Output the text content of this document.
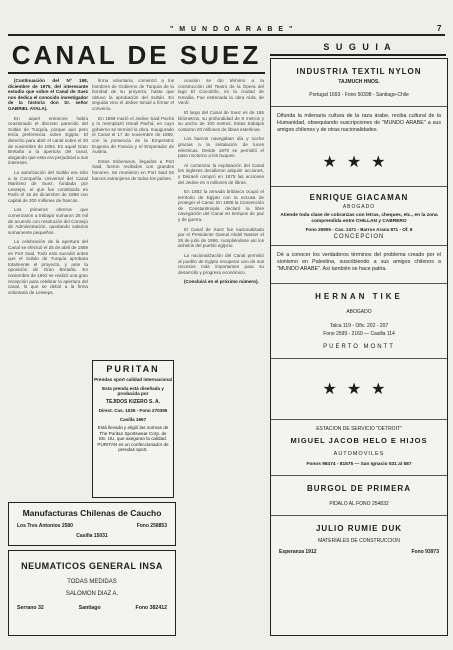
" M U N D O A R A B E "	7
CANAL DE SUEZ

(Continuación del Nº 198, diciembre de 1970, del interesante estudio que sobre el Canal de Suez nos dedica el conocido investigador de la historia don Sr. señor GABRIEL AYALA).

En aquel entonces había ocasionado el discreto parecido del Sultán de Turquía, porque aun pero tenía preferencia sobre Egipto. El derecho para abrir el canal sobre el 30 de noviembre de 1854. En aquel Gran Bretaña a la apertura del canal, alegando que esta era perjudicial a sus intereses.

La autorización del Sultán era sólo a la Compañía Universal del Canal Marítimo de Suez, fundada por Lesseps, el que fue constituida en París el 15 de diciembre de 1858 con capital de 200 millones de francos.

Los primeros obreros que comenzaron a trabajar sumaron 25 mil de acuerdo con resolución del Consejo de Administración, quedando salarios sumamente pequeños.

La celebración de la apertura del Canal se efectuó el 25 de abril de 1859 en Port Said. Todo esto sucedió antes que el Sultán de Turquía aprobara totalmente el proyecto, y ante la oposición de Gran Bretaña. En noviembre de 1862 se realizó una gran recepción para celebrar la apertura del canal, lo que se debió a la firma voluntaria de Lesseps.

firma voluntaria, comenzó a los hombres de Gobierno de Turquía de la bondad de su proyecto, hasta que obtuvo la aprobación del Sultán. En seguida vino el Jedive Ismail a firmar el convenio.

En 1869 murió el Jedive Said Pachá y lo reemplazó Ismail Pachá, en cuyo gobierno se terminó la obra. Inaugurado el Canal el 17 de noviembre de 1869, con la presencia de la Emperatriz Eugenia de Francia y el Emperador de Austria.

Estos Soberanos, llegados a Port Said, fueron recibidos con grandes honores. Se reunieron en Port Said 50 barcos extranjeros de todos los países.

ocasión se dio término a la construcción del Teatro de la Ópera del lago El Cocodrilo, en la ciudad de Ismailia. Fue estrenada la obra Aída, de Verdi.

El largo del Canal de Suez es de 165 kilómetros, su profundidad de 8 metros y su ancho de 100 metros. Estas trabajos costaron 20 millones de libras esterlinas.

Los barcos navegaban día y noche gracias a la instalación de luces eléctricas. Desde 1870 se permitió el paso nocturno a los buques.

Al comenzar la explotación del Canal los ingleses decidieron adquirir acciones, y Disraeli compró en 1875 las acciones del Jedive en 4 millones de libras.

En 1882 la armada británica ocupó el territorio de Egipto con la excusa de proteger el Canal. En 1888 la Convención de Constantinopla declaró la libre navegación del Canal en tiempos de paz y de guerra.

El Canal de Suez fue nacionalizado por el Presidente Gamal Abdel Nasser el 26 de julio de 1956, cumpliéndose así los anhelos del pueblo egipcio.

La nacionalización del Canal permitió al pueblo de Egipto recuperar uno de sus recursos más importantes para su desarrollo y progreso económico.

(Concluirá en el próximo número).

PURITAN
Prendas sport calidad internacional
Esta prenda está diseñada y producida por
TEJIDOS KIZERO S. A.
Direct. Cas. 1026 - Fono 270395
Casilla 1667
Está llevada y eligió las normas de The Puritan Sportswear Corp. de EE. UU. que aseguran la calidad. PURITAN es un confeccionador de prendas sport.
Manufacturas Chilenas de Caucho
Los Tres Antonios 2580	Fono 258853
Casilla 15031
NEUMATICOS GENERAL INSA
TODAS MEDIDAS
SALOMON DIAZ A.
Serrano 32	Santiago	Fono 382412
S U G U I A
INDUSTRIA TEXTIL NYLON
TAJMUCH HNOS.
Portugal 1693 - Fono 50398 - Santiago-Chile
Difunda la milenaria cultura de la raza árabe, reciba cultural de la Humanidad, obsequiando suscripciones de "MUNDO ARABE" a sus amigos chilenos y de otras nacionalidades.
★★★
ENRIQUE GIACAMAN
ABOGADO
Atiende toda clase de cobranzas con letras, cheques, etc., en la zona comprendida entre CHILLAN y CABRERO
Fono 25905 - Cas. 1471 - Barros Arana 871 - Of. 8
CONCEPCION
Dé a conocer los verdaderos términos del problema creado por el sionismo en Palestina, suscribiendo a sus amigos chilenos a "MUNDO ARABE". Así también se hace patria.
HERNAN TIKE
ABOGADO
Talca 119 - Ofic. 202 - 207
Fono 2599 - 2160 — Casilla 114
PUERTO MONTT
★★★
ESTACION DE SERVICIO "DETROIT"
MIGUEL JACOB HELO E HIJOS
AUTOMOVILES
Fonos 98474 - 81575 — San Ignacio 531 al 587
BURGOL DE PRIMERA
PIDALO AL FONO 254832
JULIO RUMIE DUK
MATERIALES DE CONSTRUCCION
Esperanza 1912	Fono 93973
